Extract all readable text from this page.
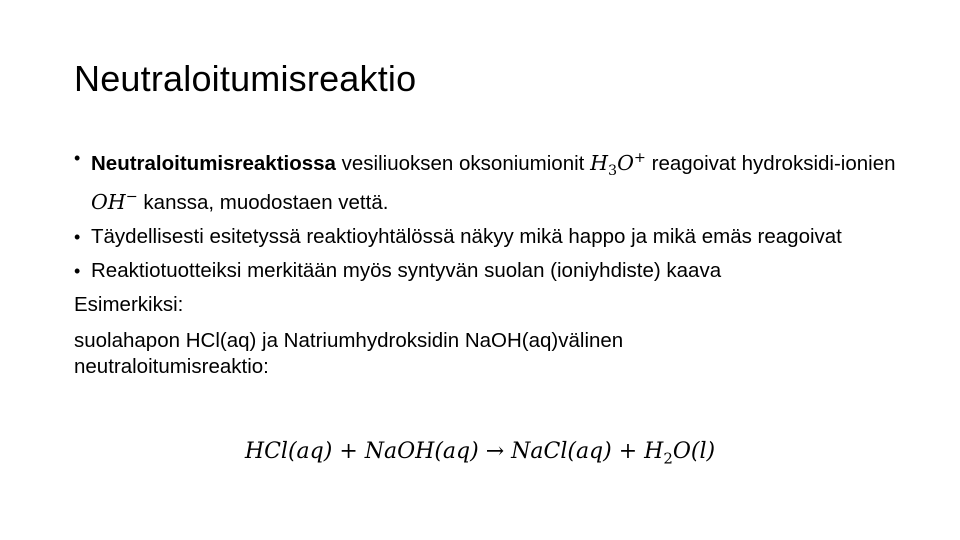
Neutraloitumisreaktio
• Neutraloitumisreaktiossa vesiliuoksen oksoniumionit $H_3O^+$ reagoivat hydroksidi-ionien OH− kanssa, muodostaen vettä.
• Täydellisesti esitetyssä reaktioyhtälössä näkyy mikä happo ja mikä emäs reagoivat
• Reaktiotuotteiksi merkitään myös syntyvän suolan (ioniyhdiste) kaava

Esimerkiksi:

suolahapon HCl(aq) ja Natriumhydroksidin NaOH(aq)välinen neutraloitumisreaktio:

HCl(aq) + NaOH(aq) → NaCl(aq) + $H_2O(l)$
